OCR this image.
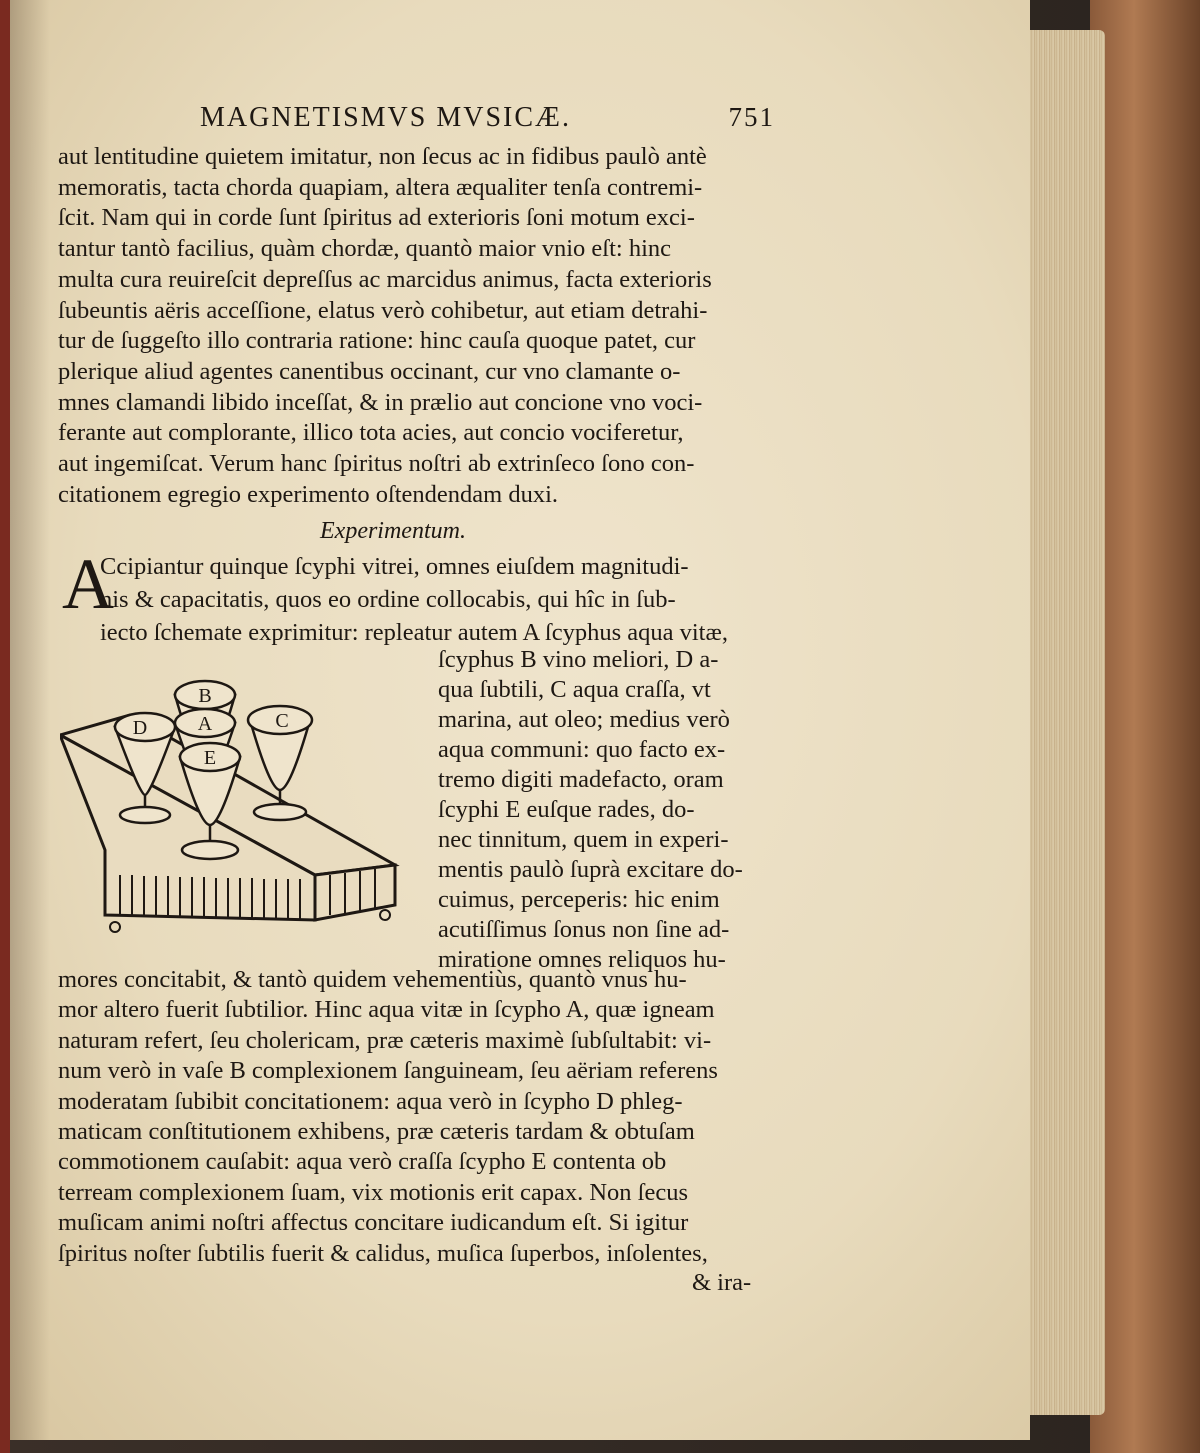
MAGNETISMVS MVSICÆ.	751
aut lentitudine quietem imitatur, non ſecus ac in fidibus paulò antè
memoratis, tacta chorda quapiam, altera æqualiter tenſa contremi-
ſcit. Nam qui in corde ſunt ſpiritus ad exterioris ſoni motum exci-
tantur tantò facilius, quàm chordæ, quantò maior vnio eſt: hinc
multa cura reuireſcit depreſſus ac marcidus animus, facta exterioris
ſubeuntis aëris acceſſione, elatus verò cohibetur, aut etiam detrahi-
tur de ſuggeſto illo contraria ratione: hinc cauſa quoque patet, cur
plerique aliud agentes canentibus occinant, cur vno clamante o-
mnes clamandi libido inceſſat, & in prælio aut concione vno voci-
ferante aut complorante, illico tota acies, aut concio vociferetur,
aut ingemiſcat. Verum hanc ſpiritus noſtri ab extrinſeco ſono con-
citationem egregio experimento oſtendendam duxi.
Experimentum.
A
Ccipiantur quinque ſcyphi vitrei, omnes eiuſdem magnitudi-
nis & capacitatis, quos eo ordine collocabis, qui hîc in ſub-
iecto ſchemate exprimitur: repleatur autem A ſcyphus aqua vitæ,
ſcyphus B vino meliori, D a-
qua ſubtili, C aqua craſſa, vt
marina, aut oleo; medius verò
aqua communi: quo facto ex-
tremo digiti madefacto, oram
ſcyphi E euſque rades, do-
nec tinnitum, quem in experi-
mentis paulò ſuprà excitare do-
cuimus, perceperis: hic enim
acutiſſimus ſonus non ſine ad-
miratione omnes reliquos hu-
B
D	A	C
E
mores concitabit, & tantò quidem vehementiùs, quantò vnus hu-
mor altero fuerit ſubtilior. Hinc aqua vitæ in ſcypho A, quæ igneam
naturam refert, ſeu cholericam, præ cæteris maximè ſubſultabit: vi-
num verò in vaſe B complexionem ſanguineam, ſeu aëriam referens
moderatam ſubibit concitationem: aqua verò in ſcypho D phleg-
maticam conſtitutionem exhibens, præ cæteris tardam & obtuſam
commotionem cauſabit: aqua verò craſſa ſcypho E contenta ob
terream complexionem ſuam, vix motionis erit capax. Non ſecus
muſicam animi noſtri affectus concitare iudicandum eſt. Si igitur
ſpiritus noſter ſubtilis fuerit & calidus, muſica ſuperbos, inſolentes,
& ira-
